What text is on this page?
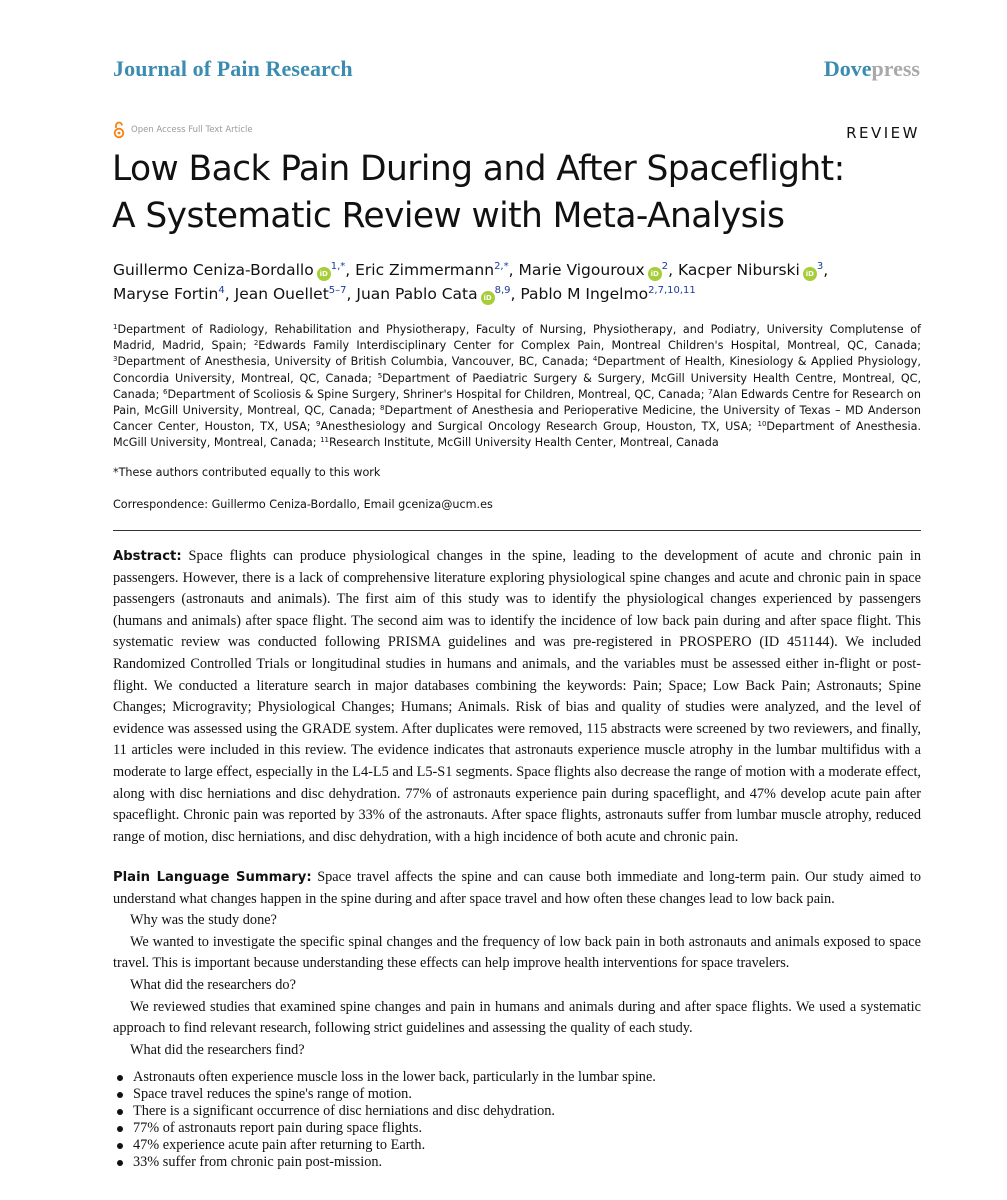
Journal of Pain Research	Dovepress
Open Access Full Text Article	REVIEW
Low Back Pain During and After Spaceflight:
A Systematic Review with Meta-Analysis
Guillermo Ceniza-Bordallo $iD^{1,*}$, Eric Zimmermann$^{2,*}$, Marie Vigouroux $iD^2$, Kacper Niburski $iD^3$,
Maryse Fortin$^4$, Jean Ouellet$^{5-7}$, Juan Pablo Cata iD$^{8,9}$, Pablo M Ingelmo$^{2,7,10,11}$
$^1$Department of Radiology, Rehabilitation and Physiotherapy, Faculty of Nursing, Physiotherapy, and Podiatry, University Complutense of Madrid, Madrid, Spain; $^2$Edwards Family Interdisciplinary Center for Complex Pain, Montreal Children's Hospital, Montreal, QC, Canada; $^3$Department of Anesthesia, University of British Columbia, Vancouver, BC, Canada; $^4$Department of Health, Kinesiology & Applied Physiology, Concordia University, Montreal, QC, Canada; $^5$Department of Paediatric Surgery & Surgery, McGill University Health Centre, Montreal, QC, Canada; $^6$Department of Scoliosis & Spine Surgery, Shriner's Hospital for Children, Montreal, QC, Canada; $^7$Alan Edwards Centre for Research on Pain, McGill University, Montreal, QC, Canada; $^8$Department of Anesthesia and Perioperative Medicine, the University of Texas – MD Anderson Cancer Center, Houston, TX, USA; $^9$Anesthesiology and Surgical Oncology Research Group, Houston, TX, USA; $^{10}$Department of Anesthesia. McGill University, Montreal, Canada; $^{11}$Research Institute, McGill University Health Center, Montreal, Canada
*These authors contributed equally to this work
Correspondence: Guillermo Ceniza-Bordallo, Email gceniza@ucm.es
Abstract: Space flights can produce physiological changes in the spine, leading to the development of acute and chronic pain in passengers. However, there is a lack of comprehensive literature exploring physiological spine changes and acute and chronic pain in space passengers (astronauts and animals). The first aim of this study was to identify the physiological changes experienced by passengers (humans and animals) after space flight. The second aim was to identify the incidence of low back pain during and after space flight. This systematic review was conducted following PRISMA guidelines and was pre-registered in PROSPERO (ID 451144). We included Randomized Controlled Trials or longitudinal studies in humans and animals, and the variables must be assessed either in-flight or post-flight. We conducted a literature search in major databases combining the keywords: Pain; Space; Low Back Pain; Astronauts; Spine Changes; Microgravity; Physiological Changes; Humans; Animals. Risk of bias and quality of studies were analyzed, and the level of evidence was assessed using the GRADE system. After duplicates were removed, 115 abstracts were screened by two reviewers, and finally, 11 articles were included in this review. The evidence indicates that astronauts experience muscle atrophy in the lumbar multifidus with a moderate to large effect, especially in the L4-L5 and L5-S1 segments. Space flights also decrease the range of motion with a moderate effect, along with disc herniations and disc dehydration. 77% of astronauts experience pain during spaceflight, and 47% develop acute pain after spaceflight. Chronic pain was reported by 33% of the astronauts. After space flights, astronauts suffer from lumbar muscle atrophy, reduced range of motion, disc herniations, and disc dehydration, with a high incidence of both acute and chronic pain.

Plain Language Summary: Space travel affects the spine and can cause both immediate and long-term pain. Our study aimed to understand what changes happen in the spine during and after space travel and how often these changes lead to low back pain.

Why was the study done?

We wanted to investigate the specific spinal changes and the frequency of low back pain in both astronauts and animals exposed to space travel. This is important because understanding these effects can help improve health interventions for space travelers.

What did the researchers do?

We reviewed studies that examined spine changes and pain in humans and animals during and after space flights. We used a systematic approach to find relevant research, following strict guidelines and assessing the quality of each study.

What did the researchers find?

Astronauts often experience muscle loss in the lower back, particularly in the lumbar spine.
Space travel reduces the spine's range of motion.
There is a significant occurrence of disc herniations and disc dehydration.
77% of astronauts report pain during space flights.
47% experience acute pain after returning to Earth.
33% suffer from chronic pain post-mission.
